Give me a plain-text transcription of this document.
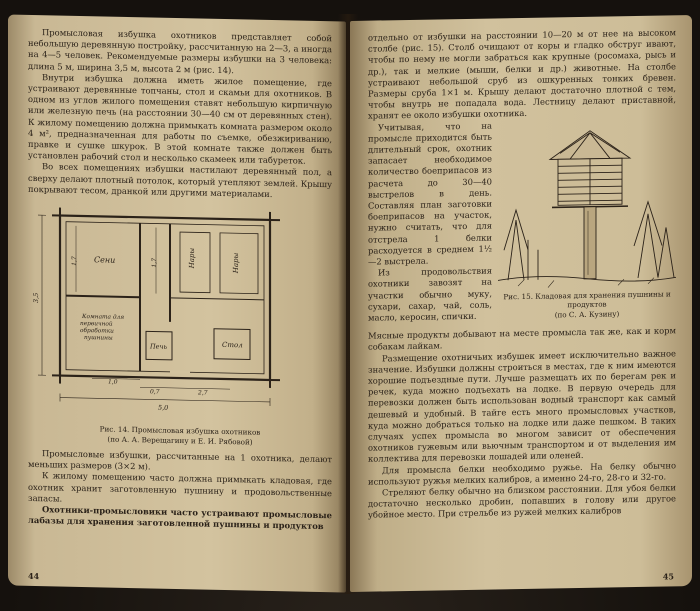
Промысловая избушка охотников представляет собой небольшую деревянную постройку, рассчитанную на 2—3, а иногда на 4—5 человек. Рекомендуемые размеры избушки на 3 человека: длина 5 м, ширина 3,5 м, высота 2 м (рис. 14).

Внутри избушка должна иметь жилое помещение, где устраивают деревянные топчаны, стол и скамьи для охотников. В одном из углов жилого помещения ставят небольшую кирпичную или железную печь (на расстоянии 30—40 см от деревянных стен). К жилому помещению должна примыкать комната размером около 4 м², предназначенная для работы по съемке, обезжириванию, правке и сушке шкурок. В этой комнате также должен быть установлен рабочий стол и несколько скамеек или табуреток.

Во всех помещениях избушки настилают деревянный пол, а сверху делают плотный потолок, который утепляют землей. Крышу покрывают тесом, дранкой или другими материалами.

Сени	Нары	Нары
Комната для первичной обработки пушнины
Печь	Стол
3,5
1,7	1,7
1,0
0,7	2,7
5,0
Рис. 14. Промысловая избушка охотников
(по А. А. Верещагину и Е. И. Рябовой)

Промысловые избушки, рассчитанные на 1 охотника, делают меньших размеров (3×2 м).

К жилому помещению часто должна примыкать кладовая, где охотник хранит заготовленную пушнину и продовольственные запасы.

Охотники-промысловики часто устраивают промысловые лабазы для хранения заготовленной пушнины и продуктов

44

отдельно от избушки на расстоянии 10—20 м от нее на высоком столбе (рис. 15). Столб очищают от коры и гладко обструг ивают, чтобы по нему не могли забраться как крупные (росомаха, рысь и др.), так и мелкие (мыши, белки и др.) животные. На столбе устраивают небольшой сруб из ошкуренных тонких бревен. Размеры сруба 1×1 м. Крышу делают достаточно плотной с тем, чтобы внутрь не попадала вода. Лестницу делают приставной, хранят ее около избушки охотника.

Рис. 15. Кладовая для хранения пушнины и продуктов
(по С. А. Кузину)

Учитывая, что на промысле приходится быть длительный срок, охотник запасает необходимое количество боеприпасов из расчета до 30—40 выстрелов в день. Составляя план заготовки боеприпасов на участок, нужно считать, что для отстрела 1 белки расходуется в среднем 1½—2 выстрела.

Из продовольствия охотники завозят на участки обычно муку, сухари, сахар, чай, соль, масло, керосин, спички.

Мясные продукты добывают на месте промысла так же, как и корм собакам лайкам.

Размещение охотничьих избушек имеет исключительно важное значение. Избушки должны строиться в местах, где к ним имеются хорошие подъездные пути. Лучше размещать их по берегам рек и речек, куда можно подъехать на лодке. В первую очередь для перевозки должен быть использован водный транспорт как самый дешевый и удобный. В тайге есть много промысловых участков, куда можно добраться только на лодке или даже пешком. В таких случаях успех промысла во многом зависит от обеспечения охотников гужевым или вьючным транспортом и от выделения им коллектива для перевозки лошадей или оленей.

Для промысла белки необходимо ружье. На белку обычно используют ружья мелких калибров, а именно 24-го, 28-го и 32-го.

Стреляют белку обычно на близком расстоянии. Для убоя белки достаточно несколько дробин, попавших в голову или другое убойное место. При стрельбе из ружей мелких калибров

45
